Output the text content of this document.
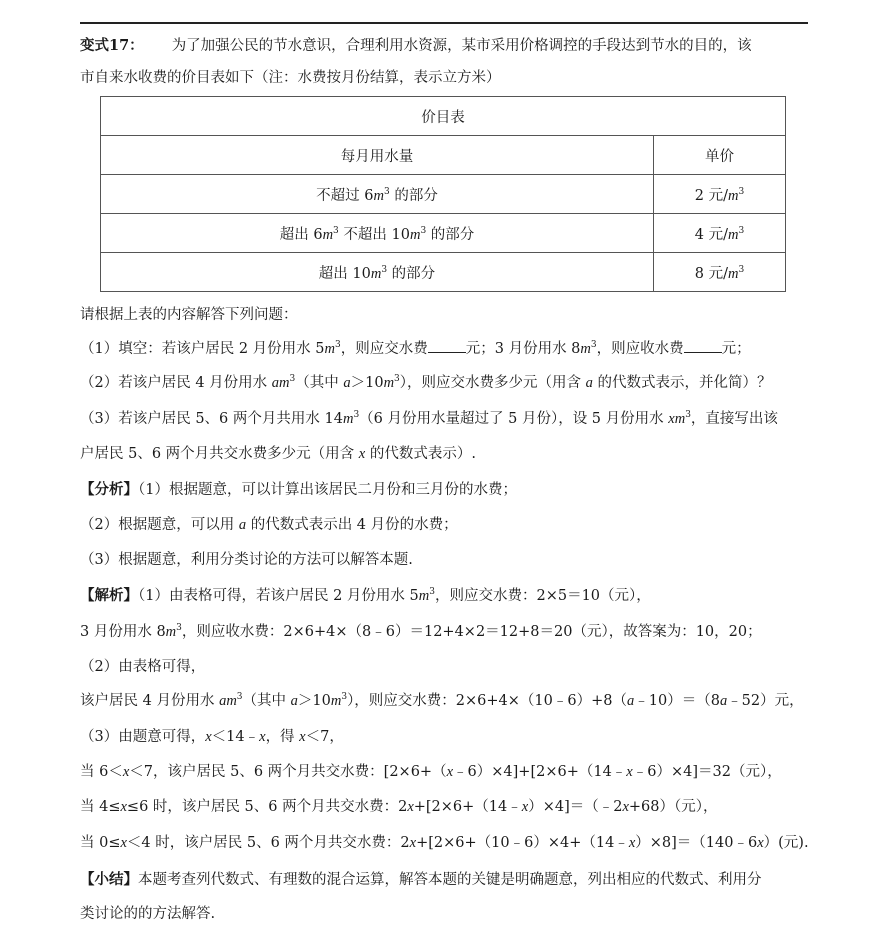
变式17： 为了加强公民的节水意识，合理利用水资源，某市采用价格调控的手段达到节水的目的，该
市自来水收费的价目表如下（注：水费按月份结算，表示立方米）
价目表	
每月用水量	单价
不超过 $6m^3$ 的部分	2 元$/m^3$
超出 $6m^3$ 不超出 $10m^3$ 的部分	4 元$/m^3$
超出 $10m^3$ 的部分	8 元$/m^3$
请根据上表的内容解答下列问题：
（1）填空：若该户居民 2 月份用水 $5m^3$，则应交水费	元；3 月份用水 $8m^3$，则应收水费	元；
（2）若该户居民 4 月份用水 $am^3$（其中 $a>10m^3$），则应交水费多少元（用含 a 的代数式表示，并化简）？
（3）若该户居民 5、6 两个月共用水 $14m^3(6$ 月份用水量超过了 5 月份），设 5 月份用水 $xm^3$，直接写出该
户居民 5、6 两个月共交水费多少元（用含 x 的代数式表示）.
【分析】（1）根据题意，可以计算出该居民二月份和三月份的水费；
（2）根据题意，可以用 a 的代数式表示出 4 月份的水费；
（3）根据题意，利用分类讨论的方法可以解答本题.
【解析】（1）由表格可得，若该户居民 2 月份用水 $5m^3$，则应交水费：2×5＝10（元），
3 月份用水 $8m^3$，则应收水费：2×6+4×（8﹣6）＝12+4×2＝12+8＝20（元），故答案为：10，20；
（2）由表格可得，
该户居民 4 月份用水 $am^3$（其中 $a>10m^3$），则应交水费：2×6+4×（10﹣6）+8（a﹣10）＝（8a﹣52）元，
（3）由题意可得，x＜14﹣x，得 x＜7，
当 6＜x＜7，该户居民 5、6 两个月共交水费：[2×6+（x﹣6）×4]+[2×6+（14﹣x﹣6）×4]＝32（元），
当 4≤x≤6 时，该户居民 5、6 两个月共交水费：2x+[2×6+（14﹣x）×4]＝（﹣2x+68）（元），
当 0≤x＜4 时，该户居民 5、6 两个月共交水费：2x+[2×6+（10﹣6）×4+（14﹣x）×8]＝（140﹣6x）(元).
【小结】本题考查列代数式、有理数的混合运算，解答本题的关键是明确题意，列出相应的代数式、利用分
类讨论的的方法解答.
